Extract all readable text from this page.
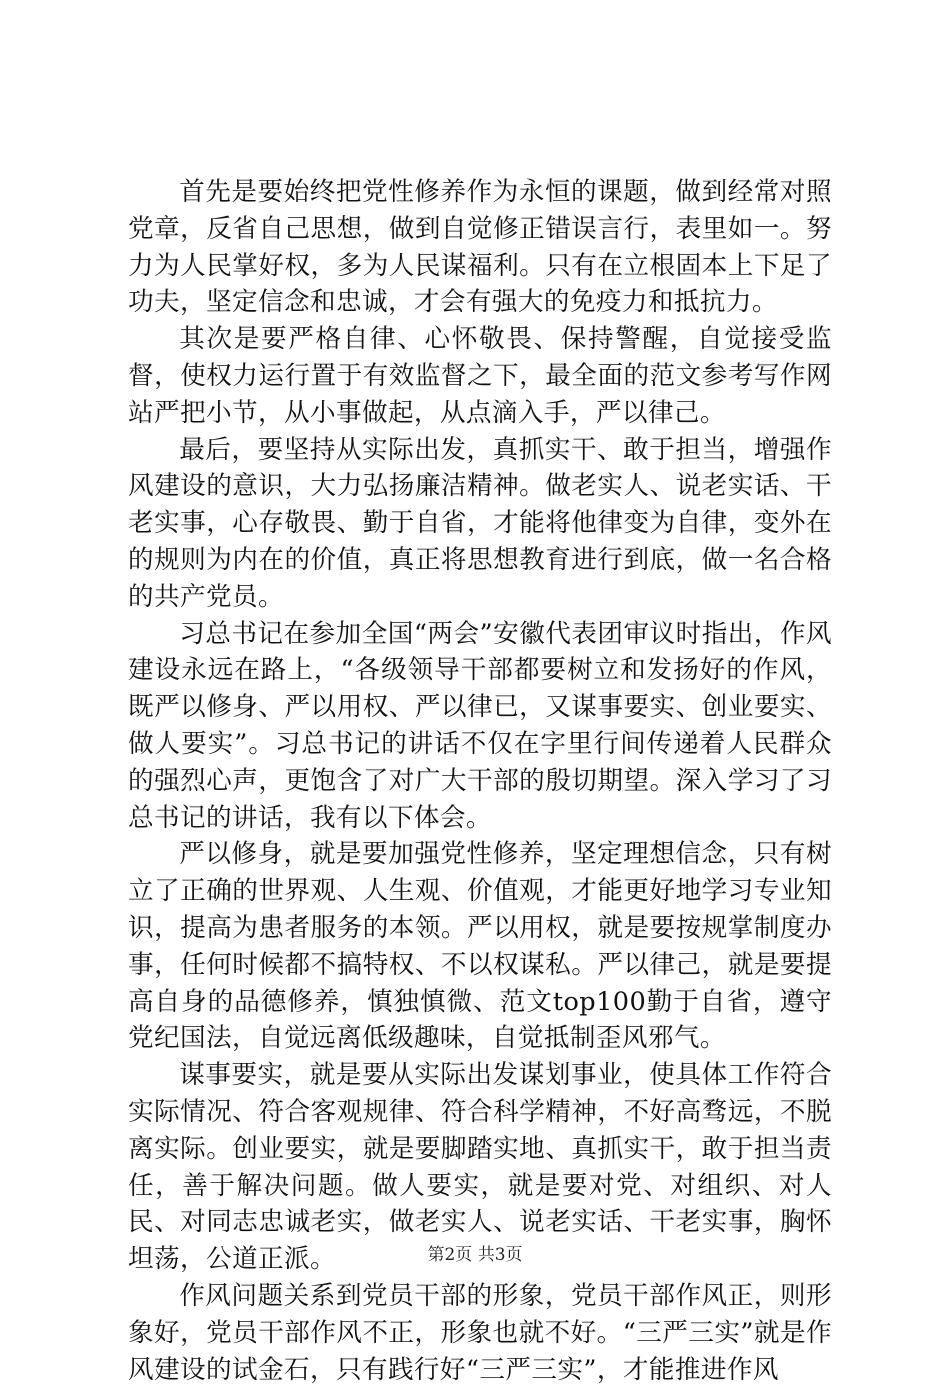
首先是要始终把党性修养作为永恒的课题，做到经常对照党章，反省自己思想，做到自觉修正错误言行，表里如一。努力为人民掌好权，多为人民谋福利。只有在立根固本上下足了功夫，坚定信念和忠诚，才会有强大的免疫力和抵抗力。

其次是要严格自律、心怀敬畏、保持警醒，自觉接受监督，使权力运行置于有效监督之下，最全面的范文参考写作网站严把小节，从小事做起，从点滴入手，严以律己。

最后，要坚持从实际出发，真抓实干、敢于担当，增强作风建设的意识，大力弘扬廉洁精神。做老实人、说老实话、干老实事，心存敬畏、勤于自省，才能将他律变为自律，变外在的规则为内在的价值，真正将思想教育进行到底，做一名合格的共产党员。

习总书记在参加全国“两会”安徽代表团审议时指出，作风建设永远在路上，“各级领导干部都要树立和发扬好的作风，既严以修身、严以用权、严以律已，又谋事要实、创业要实、做人要实”。习总书记的讲话不仅在字里行间传递着人民群众的强烈心声，更饱含了对广大干部的殷切期望。深入学习了习总书记的讲话，我有以下体会。

严以修身，就是要加强党性修养，坚定理想信念，只有树立了正确的世界观、人生观、价值观，才能更好地学习专业知识，提高为患者服务的本领。严以用权，就是要按规掌制度办事，任何时候都不搞特权、不以权谋私。严以律己，就是要提高自身的品德修养，慎独慎微、范文top100勤于自省，遵守党纪国法，自觉远离低级趣味，自觉抵制歪风邪气。

谋事要实，就是要从实际出发谋划事业，使具体工作符合实际情况、符合客观规律、符合科学精神，不好高骛远，不脱离实际。创业要实，就是要脚踏实地、真抓实干，敢于担当责任，善于解决问题。做人要实，就是要对党、对组织、对人民、对同志忠诚老实，做老实人、说老实话、干老实事，胸怀坦荡，公道正派。

作风问题关系到党员干部的形象，党员干部作风正，则形象好，党员干部作风不正，形象也就不好。“三严三实”就是作风建设的试金石，只有践行好“三严三实”，才能推进作风

第2页 共3页
